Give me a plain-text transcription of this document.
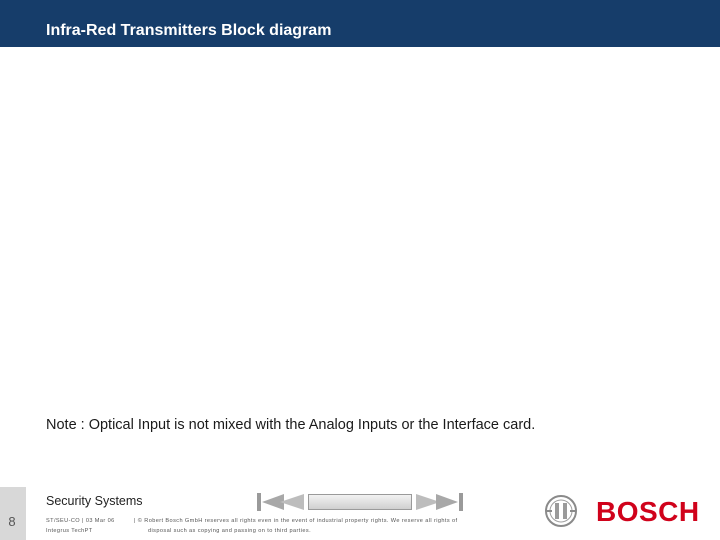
Infra-Red Transmitters Block diagram
Note : Optical Input is not mixed with the Analog Inputs or the Interface card.
8
Security Systems
ST/SEU-CO | 03 Mar 06
Integrus TechPT
| © Robert Bosch GmbH reserves all rights even in the event of industrial property rights. We reserve all rights of
disposal such as copying and passing on to third parties.
BOSCH
